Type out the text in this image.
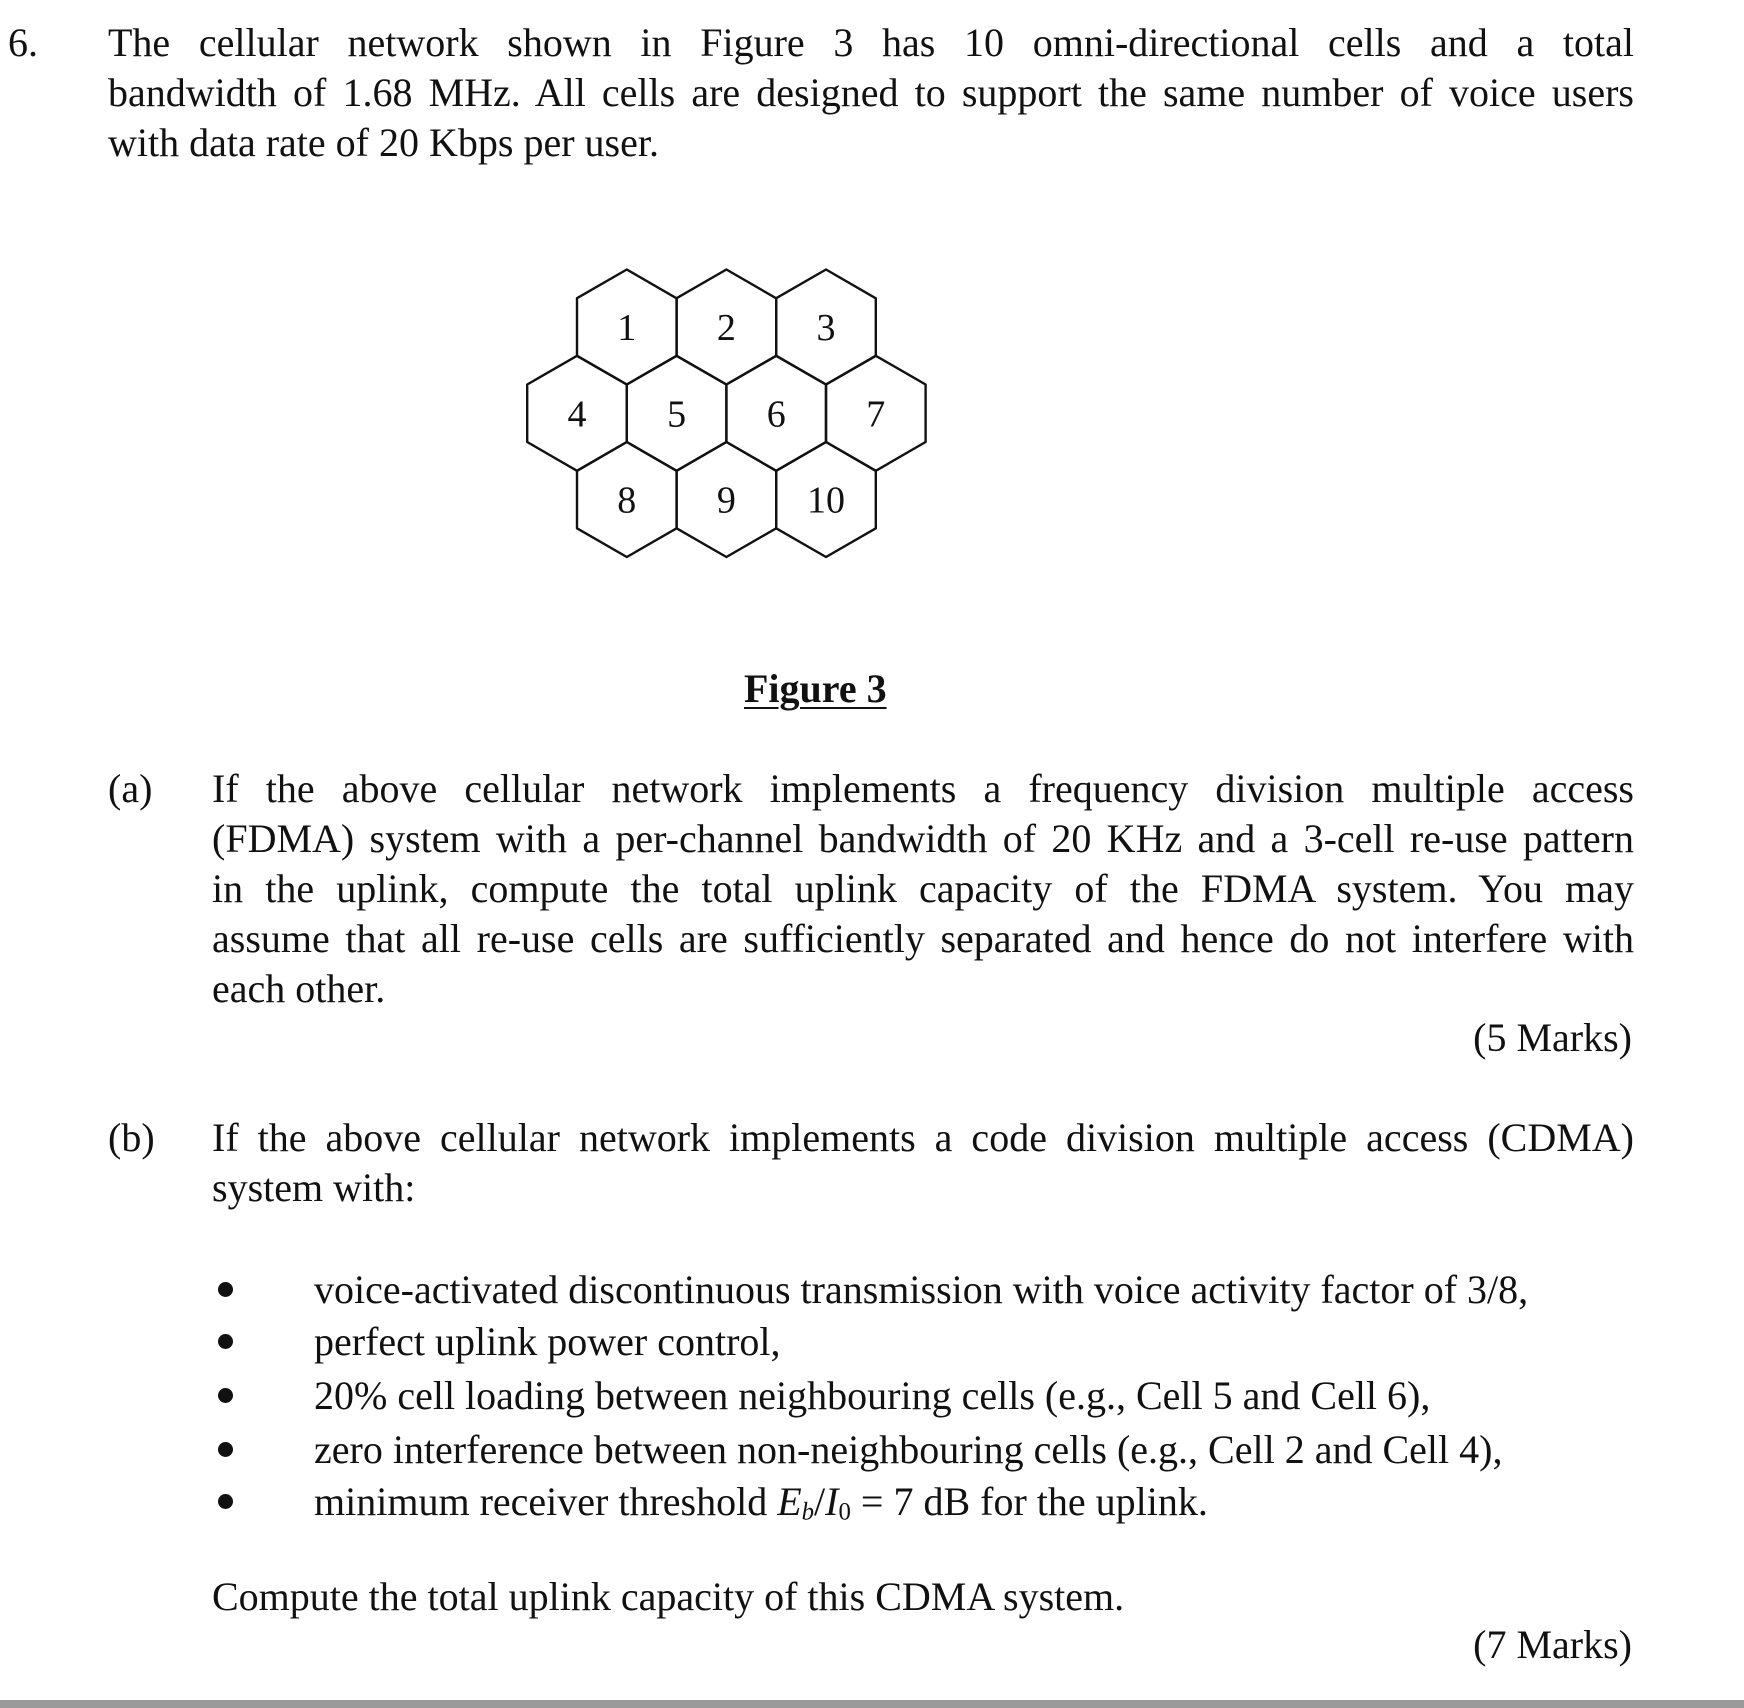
6. The cellular network shown in Figure 3 has 10 omni-directional cells and a total
bandwidth of 1.68 MHz. All cells are designed to support the same number of voice users
with data rate of 20 Kbps per user.
1 2 3
4 5 6 7
8 9 10
Figure 3
(a) If the above cellular network implements a frequency division multiple access
(FDMA) system with a per-channel bandwidth of 20 KHz and a 3-cell re-use pattern
in the uplink, compute the total uplink capacity of the FDMA system. You may
assume that all re-use cells are sufficiently separated and hence do not interfere with
each other.
(5 Marks)
(b) If the above cellular network implements a code division multiple access (CDMA)
system with:
voice-activated discontinuous transmission with voice activity factor of 3/8,
perfect uplink power control,
20% cell loading between neighbouring cells (e.g., Cell 5 and Cell 6),
zero interference between non-neighbouring cells (e.g., Cell 2 and Cell 4),
minimum receiver threshold Eb/I0 = 7 dB for the uplink.
Compute the total uplink capacity of this CDMA system.
(7 Marks)
